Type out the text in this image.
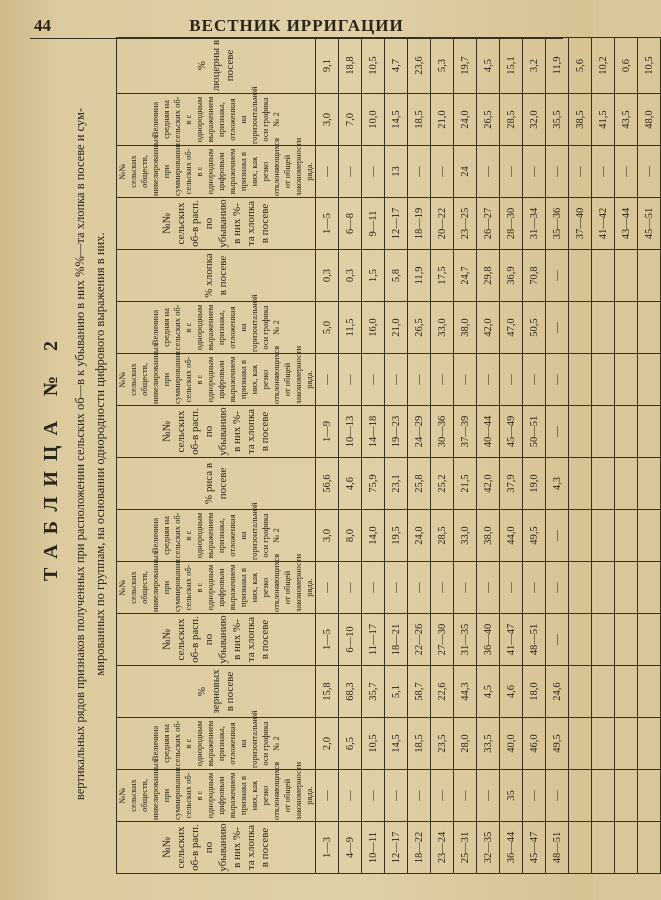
44	ВЕСТНИК ИРРИГАЦИИ
ТАБЛИЦА № 2 вертикальных рядов признаков полученных при расположении сельских об—в к убыванию в них %%—та хлопка в посеве и сум- мированных по группам, на основании однородности цифрового выражения в них.
№№ сельских об-в расп. по убыванию в них %-та хлопка в посеве	№№ сельских обществ, нивелированных при суммировании сельских об-в с однородным цифровым выражением признака в них, как резко отклоняющихся от общей закономерности ряда.	Величина средняя на сельских об-в с однородным выражением признака, отложенная на горизонтальной оси графика № 2	% зерновых в посеве	№№ сельских об-в расп. по убыванию в них %-та хлопка в посеве	№№ сельских обществ, нивелированных при суммировании сельских об-в с однородным цифровым выражением признака в них, как резко отклоняющихся от общей закономерности ряда.	Величина средняя на сельских об-в с однородным выражением признака, отложенная на горизонтальной оси графика № 2	% риса в посеве	№№ сельских об-в расп. по убыванию в них %-та хлопка в посеве	№№ сельских обществ, нивелированных при суммировании сельских об-в с однородным цифровым выражением признака в них, как резко отклоняющихся от общей закономерности ряда.	Величина средняя на сельских об-в с однородным выражением признака, отложенная на горизонтальной оси графика № 2	% хлопка в посеве	№№ сельских об-в расп. по убыванию в них %-та хлопка в посеве	№№ сельских обществ, нивелированных при суммировании сельских об-в с однородным цифровым выражением признака в них, как резко отклоняющихся от общей закономерности ряда.	Величина средняя на сельских об-в с однородным выражением признака, отложенная на горизонтальной оси графика № 2	% люцерны в посеве
1—3	—	2,0	15,8	1—5	—	3,0	56,6	1—9	—	5,0	0,3	1—5	—	3,0	9,1
4—9	—	6,5	68,3	6—10	—	8,0	4,6	10—13	—	11,5	0,3	6—8	—	7,0	18,8
10—11	—	10,5	35,7	11—17	—	14,0	75,9	14—18	—	16,0	1,5	9—11	—	10,0	10,5
12—17	—	14,5	5,1	18—21	—	19,5	23,1	19—23	—	21,0	5,8	12—17	13	14,5	4,7
18—22	—	18,5	58,7	22—26	—	24,0	25,8	24—29	—	26,5	11,9	18—19	—	18,5	23,6
23—24	—	23,5	22,6	27—30	—	28,5	25,2	30—36	—	33,0	17,5	20—22	—	21,0	5,3
25—31	—	28,0	44,3	31—35	—	33,0	21,5	37—39	—	38,0	24,7	23—25	24	24,0	19,7
32—35	—	33,5	4,5	36—40	—	38,0	42,0	40—44	—	42,0	29,8	26—27	—	26,5	4,5
36—44	35	40,0	4,6	41—47	—	44,0	37,9	45—49	—	47,0	36,9	28—30	—	28,5	15,1
45—47	—	46,0	18,0	48—51	—	49,5	19,0	50—51	—	50,5	70,8	31—34	—	32,0	3,2
48—51	—	49,5	24,6	—	—	—	4,3	—	—	—	—	35—36	—	35,5	11,9
												37—40	—	38,5	5,6
												41—42	—	41,5	10,2
												43—44	—	43,5	0,6
												45—51	—	48,0	10,5
